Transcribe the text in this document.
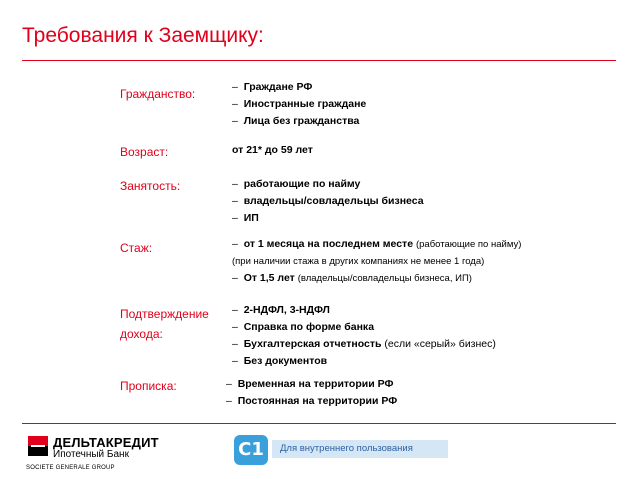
Требования к Заемщику:
Гражданство:	– Граждане РФ
– Иностранные граждане
– Лица без гражданства
Возраст:	от 21* до 59 лет
Занятость:	– работающие по найму
– владельцы/совладельцы бизнеса
– ИП
Стаж:	– от 1 месяца на последнем месте (работающие по найму)
(при наличии стажа в других компаниях не менее 1 года)
– От 1,5 лет (владельцы/совладельцы бизнеса, ИП)
Подтверждение
дохода:
– 2-НДФЛ, 3-НДФЛ
– Справка по форме банка
– Бухгалтерская отчетность (если «серый» бизнес)
– Без документов
Прописка:	– Временная на территории РФ
– Постоянная на территории РФ
ДЕЛЬТАКРЕДИТ
Ипотечный Банк
SOCIETE GENERALE GROUP
C1	Для внутреннего пользования
